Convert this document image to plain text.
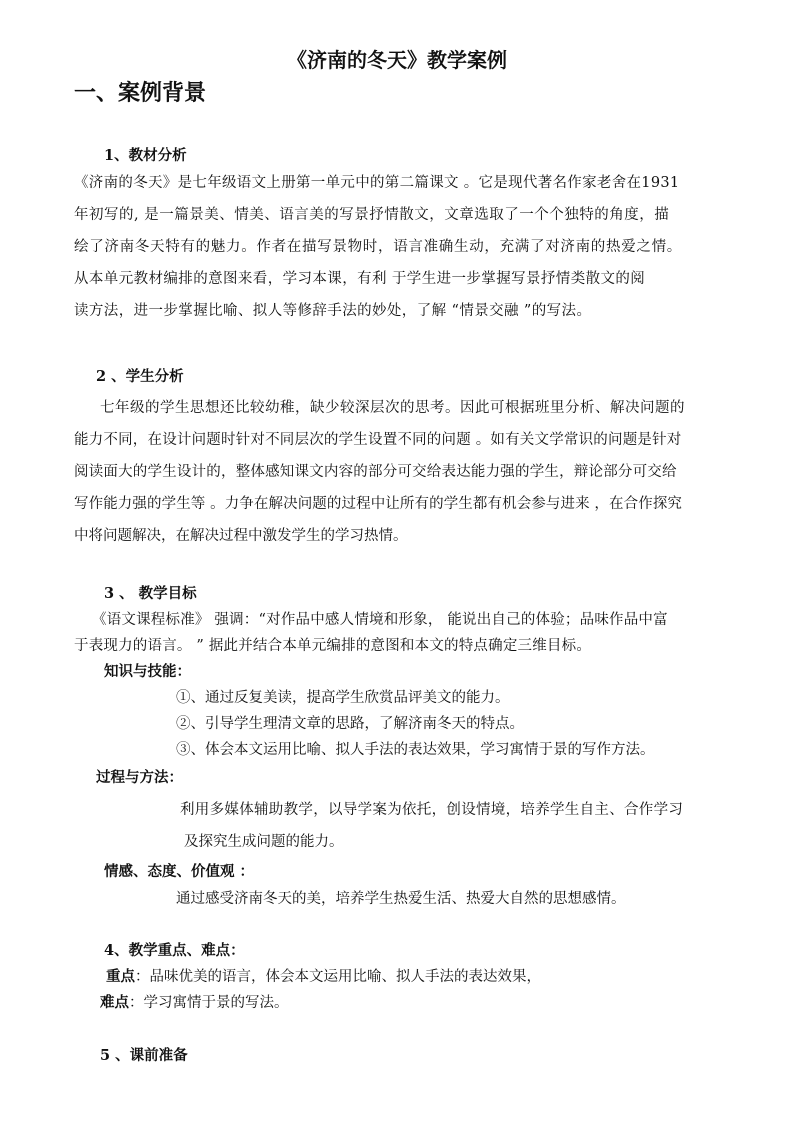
《济南的冬天》教学案例
一、案例背景
1、教材分析
《济南的冬天》是七年级语文上册第一单元中的第二篇课文 。它是现代著名作家老舍在1931
年初写的, 是一篇景美、情美、语言美的写景抒情散文，文章选取了一个个独特的角度，描
绘了济南冬天特有的魅力。作者在描写景物时，语言准确生动，充满了对济南的热爱之情。
从本单元教材编排的意图来看，学习本课，有利 于学生进一步掌握写景抒情类散文的阅
读方法，进一步掌握比喻、拟人等修辞手法的妙处，了解 “情景交融 ”的写法。
2 、学生分析
七年级的学生思想还比较幼稚，缺少较深层次的思考。因此可根据班里分析、解决问题的
能力不同，在设计问题时针对不同层次的学生设置不同的问题 。如有关文学常识的问题是针对
阅读面大的学生设计的，整体感知课文内容的部分可交给表达能力强的学生，辩论部分可交给
写作能力强的学生等 。力争在解决问题的过程中让所有的学生都有机会参与进来 ，在合作探究
中将问题解决，在解决过程中激发学生的学习热情。
3 、 教学目标
《语文课程标准》 强调：“对作品中感人情境和形象， 能说出自己的体验；品味作品中富
于表现力的语言。 ” 据此并结合本单元编排的意图和本文的特点确定三维目标。
知识与技能：
①、通过反复美读，提高学生欣赏品评美文的能力。
②、引导学生理清文章的思路，了解济南冬天的特点。
③、体会本文运用比喻、拟人手法的表达效果，学习寓情于景的写作方法。
过程与方法：
利用多媒体辅助教学，以导学案为依托，创设情境，培养学生自主、合作学习
及探究生成问题的能力。
情感、态度、价值观 ：
通过感受济南冬天的美，培养学生热爱生活、热爱大自然的思想感情。
4、教学重点、难点：
重点：品味优美的语言，体会本文运用比喻、拟人手法的表达效果，
难点：学习寓情于景的写法。
5 、课前准备
